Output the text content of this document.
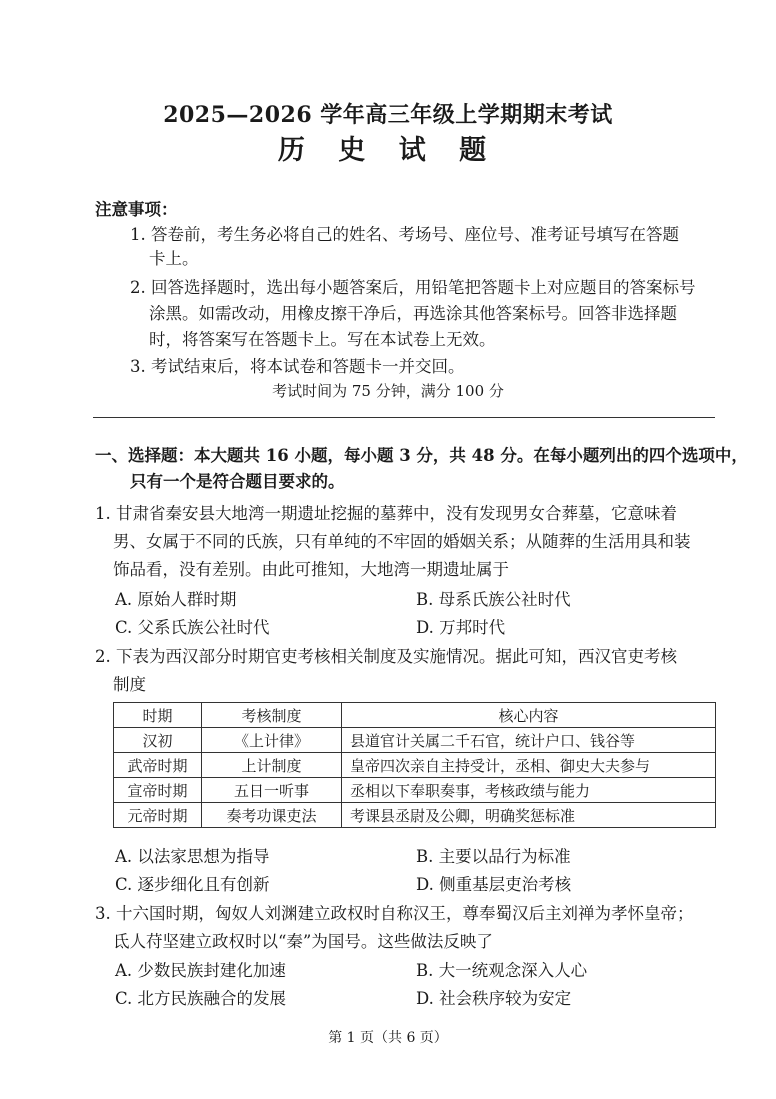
2025—2026 学年高三年级上学期期末考试
历 史 试 题
注意事项：
1. 答卷前，考生务必将自己的姓名、考场号、座位号、准考证号填写在答题
卡上。
2. 回答选择题时，选出每小题答案后，用铅笔把答题卡上对应题目的答案标号
涂黑。如需改动，用橡皮擦干净后，再选涂其他答案标号。回答非选择题
时，将答案写在答题卡上。写在本试卷上无效。
3. 考试结束后，将本试卷和答题卡一并交回。
考试时间为 75 分钟，满分 100 分
一、选择题：本大题共 16 小题，每小题 3 分，共 48 分。在每小题列出的四个选项中，
只有一个是符合题目要求的。
1. 甘肃省秦安县大地湾一期遗址挖掘的墓葬中，没有发现男女合葬墓，它意味着
男、女属于不同的氏族，只有单纯的不牢固的婚姻关系；从随葬的生活用具和装
饰品看，没有差别。由此可推知，大地湾一期遗址属于
A. 原始人群时期	B. 母系氏族公社时代
C. 父系氏族公社时代	D. 万邦时代
2. 下表为西汉部分时期官吏考核相关制度及实施情况。据此可知，西汉官吏考核
制度
时期	考核制度	核心内容
汉初	《上计律》	县道官计关属二千石官，统计户口、钱谷等
武帝时期	上计制度	皇帝四次亲自主持受计，丞相、御史大夫参与
宣帝时期	五日一听事	丞相以下奉职奏事，考核政绩与能力
元帝时期	奏考功课吏法	考课县丞尉及公卿，明确奖惩标准
A. 以法家思想为指导	B. 主要以品行为标准
C. 逐步细化且有创新	D. 侧重基层吏治考核
3. 十六国时期，匈奴人刘渊建立政权时自称汉王，尊奉蜀汉后主刘禅为孝怀皇帝；
氐人苻坚建立政权时以“秦”为国号。这些做法反映了
A. 少数民族封建化加速	B. 大一统观念深入人心
C. 北方民族融合的发展	D. 社会秩序较为安定
第 1 页（共 6 页）
